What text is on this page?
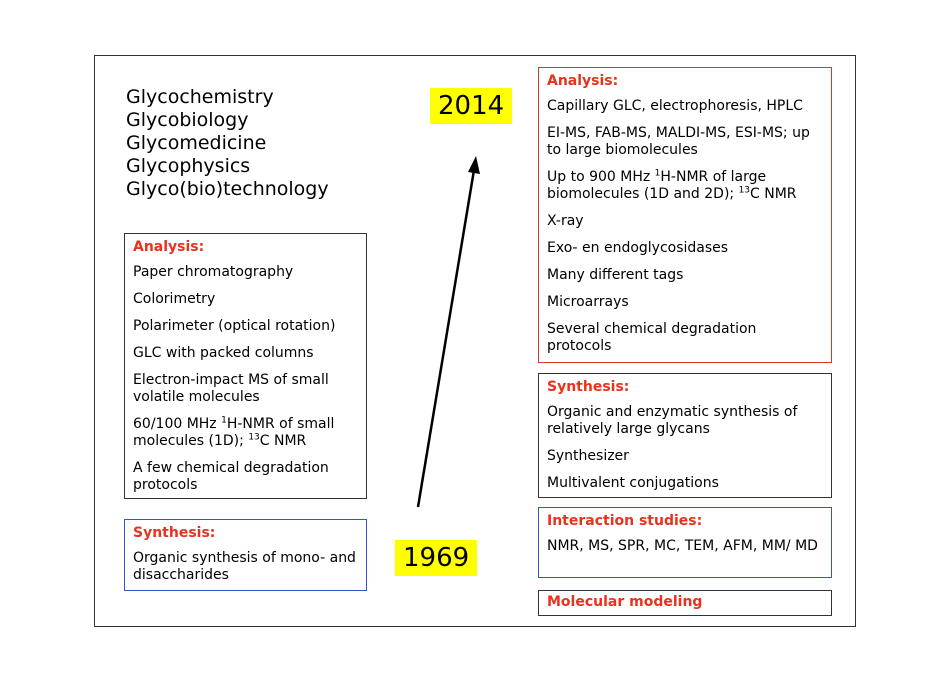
Glycochemistry
Glycobiology
Glycomedicine
Glycophysics
Glyco(bio)technology
2014
1969
Analysis:
Paper chromatography
Colorimetry
Polarimeter (optical rotation)
GLC with packed columns
Electron-impact MS of small volatile molecules
60/100 MHz $^1$H-NMR of small molecules (1D); $^{13}$C NMR
A few chemical degradation protocols
Synthesis:
Organic synthesis of mono- and disaccharides
Analysis:
Capillary GLC, electrophoresis, HPLC
EI-MS, FAB-MS, MALDI-MS, ESI-MS; up to large biomolecules
Up to 900 MHz $^1$H-NMR of large biomolecules (1D and 2D); $^{13}$C NMR
X-ray
Exo- en endoglycosidases
Many different tags
Microarrays
Several chemical degradation protocols
Synthesis:
Organic and enzymatic synthesis of relatively large glycans
Synthesizer
Multivalent conjugations
Interaction studies:
NMR, MS, SPR, MC, TEM, AFM, MM/ MD
Molecular modeling
